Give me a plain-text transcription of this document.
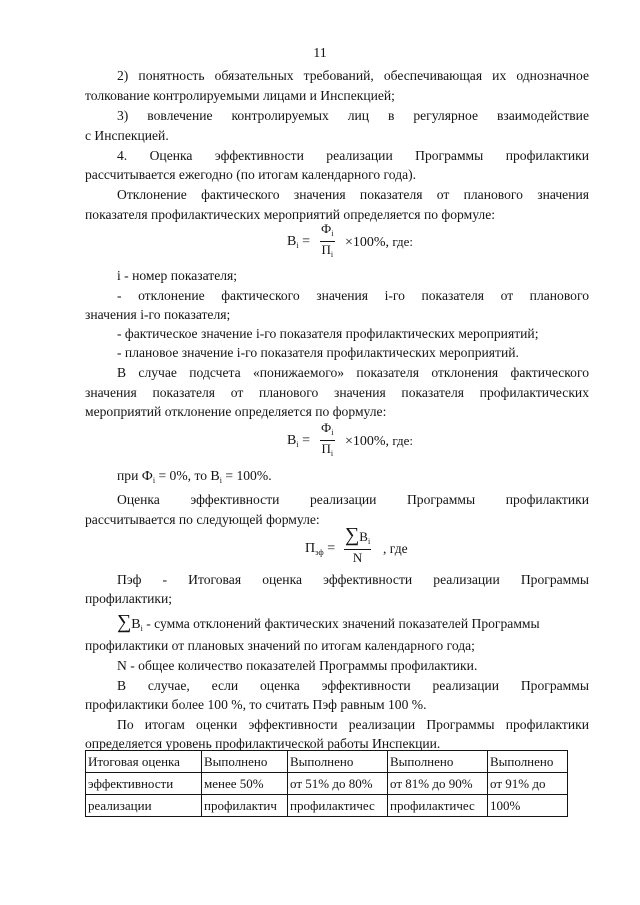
11
2) понятность обязательных требований, обеспечивающая их однозначное
толкование контролируемыми лицами и Инспекцией;
3) вовлечение контролируемых лиц в регулярное взаимодействие
с Инспекцией.
4. Оценка эффективности реализации Программы профилактики
рассчитывается ежегодно (по итогам календарного года).
Отклонение фактического значения показателя от планового значения
показателя профилактических мероприятий определяется по формуле:
$В_i$ =
$Ф_i$
$П_i$
×100%, где:
i - номер показателя;
- отклонение фактического значения i-го показателя от планового
значения i-го показателя;
- фактическое значение i-го показателя профилактических мероприятий;
- плановое значение i-го показателя профилактических мероприятий.
В случае подсчета «понижаемого» показателя отклонения фактического
значения показателя от планового значения показателя профилактических
мероприятий отклонение определяется по формуле:
$В_i$ =
$Ф_i$
$П_i$
×100%, где:
при $Ф_i = 0\%$, то $В_i = 100\%$.
Оценка эффективности реализации Программы профилактики
рассчитывается по следующей формуле:
$П_{эф}$ =
$\sum В_i$
N
, где
Пэф - Итоговая оценка эффективности реализации Программы
профилактики;
$\sum В_i$ - сумма отклонений фактических значений показателей Программы
профилактики от плановых значений по итогам календарного года;
N - общее количество показателей Программы профилактики.
В случае, если оценка эффективности реализации Программы
профилактики более 100 %, то считать Пэф равным 100 %.
По итогам оценки эффективности реализации Программы профилактики
определяется уровень профилактической работы Инспекции.
Итоговая оценка	Выполнено	Выполнено	Выполнено	Выполнено
эффективности	менее 50%	от 51% до 80%	от 81% до 90%	от 91% до
реализации	профилактич	профилактичес	профилактичес	100%
